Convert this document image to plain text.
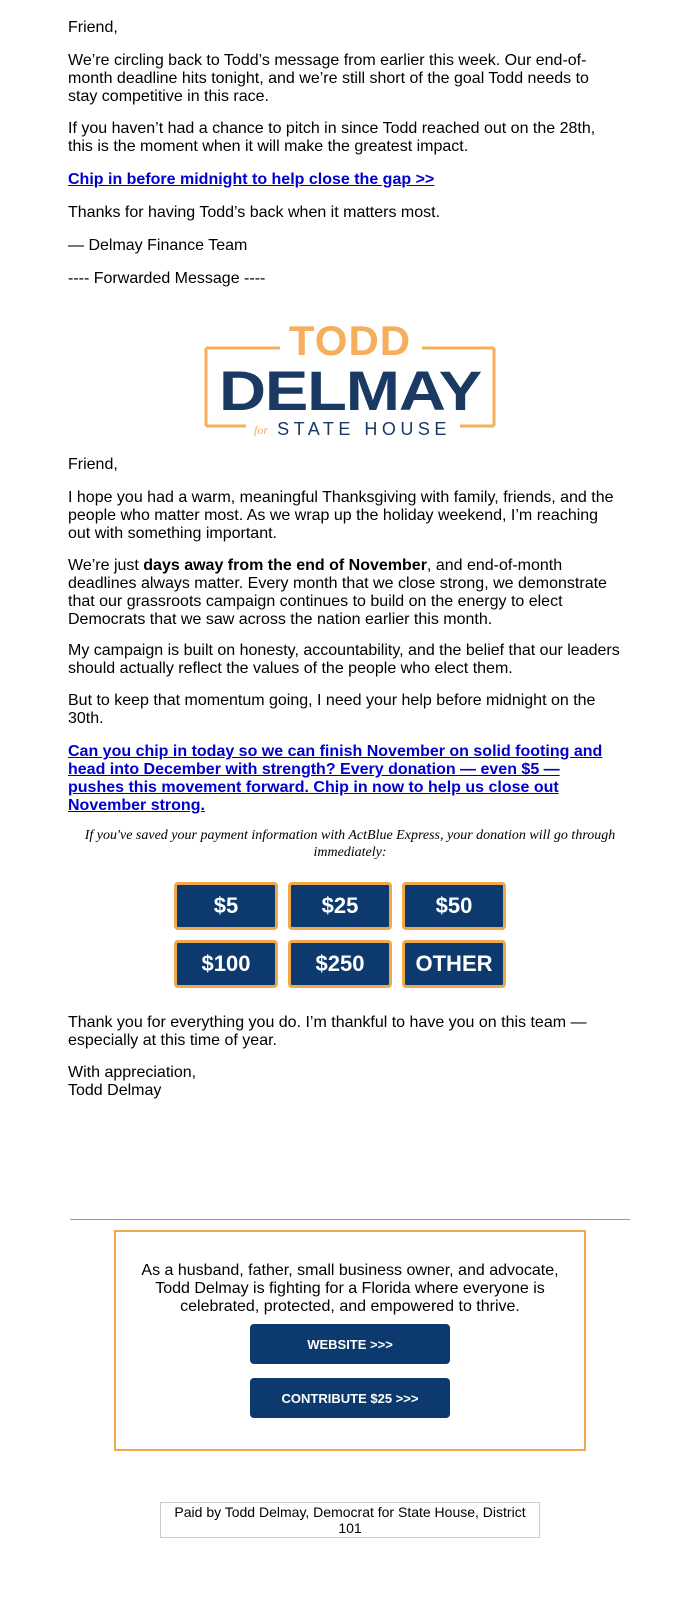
Friend,

We’re circling back to Todd’s message from earlier this week. Our end-of-month deadline hits tonight, and we’re still short of the goal Todd needs to stay competitive in this race.

If you haven’t had a chance to pitch in since Todd reached out on the 28th, this is the moment when it will make the greatest impact.

Chip in before midnight to help close the gap >>

Thanks for having Todd’s back when it matters most.

— Delmay Finance Team

---- Forwarded Message ----

TODD
DELMAY
for STATE HOUSE

Friend,

I hope you had a warm, meaningful Thanksgiving with family, friends, and the people who matter most. As we wrap up the holiday weekend, I’m reaching out with something important.

We’re just days away from the end of November, and end-of-month deadlines always matter. Every month that we close strong, we demonstrate that our grassroots campaign continues to build on the energy to elect Democrats that we saw across the nation earlier this month.

My campaign is built on honesty, accountability, and the belief that our leaders should actually reflect the values of the people who elect them.

But to keep that momentum going, I need your help before midnight on the 30th.

Can you chip in today so we can finish November on solid footing and head into December with strength? Every donation — even $5 — pushes this movement forward. Chip in now to help us close out November strong.

If you've saved your payment information with ActBlue Express, your donation will go through immediately:
$5	$25	$50
$100	$250	OTHER

Thank you for everything you do. I’m thankful to have you on this team — especially at this time of year.

With appreciation,

Todd Delmay

As a husband, father, small business owner, and advocate, Todd Delmay is fighting for a Florida where everyone is celebrated, protected, and empowered to thrive.
WEBSITE >>>
CONTRIBUTE $25 >>>
Paid by Todd Delmay, Democrat for State House, District 101
